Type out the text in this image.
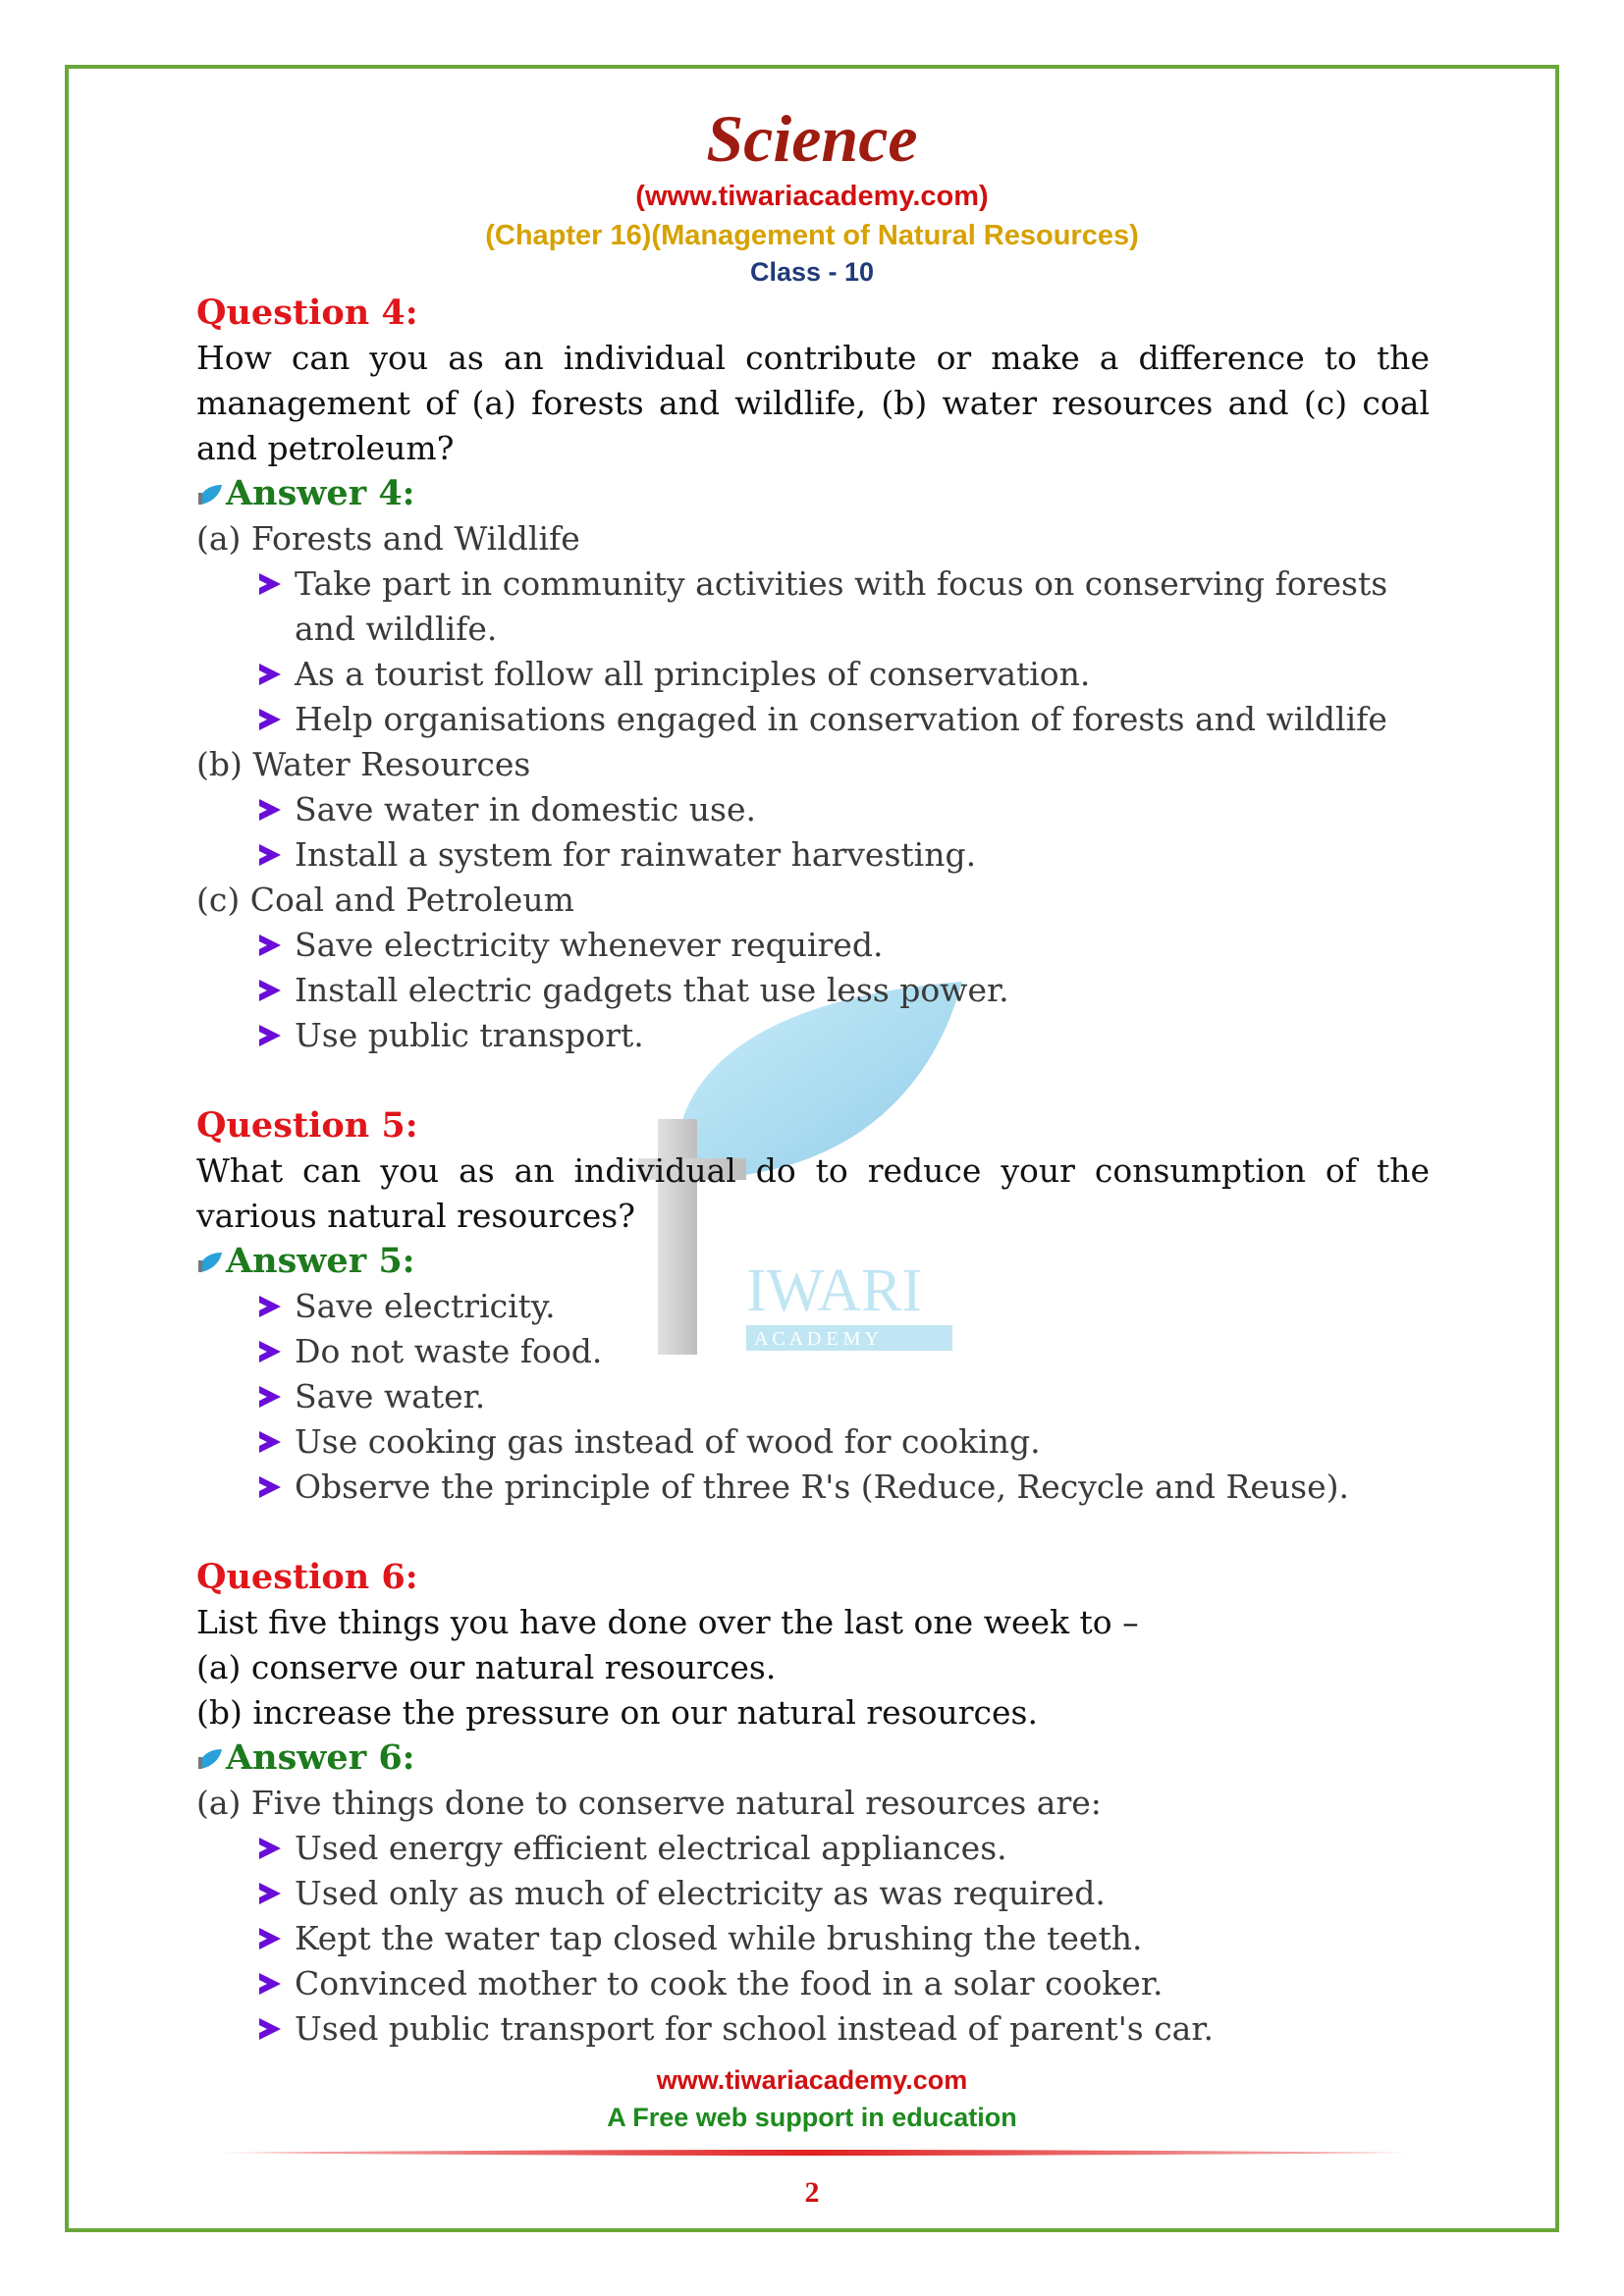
Science
(www.tiwariacademy.com)
(Chapter 16)(Management of Natural Resources)
Class - 10
IWARI
A C A D E M Y
Question 4:
How can you as an individual contribute or make a difference to the management of (a) forests and wildlife, (b) water resources and (c) coal and petroleum?
Answer 4:
(a) Forests and Wildlife
Take part in community activities with focus on conserving forests and wildlife.
As a tourist follow all principles of conservation.
Help organisations engaged in conservation of forests and wildlife
(b) Water Resources
Save water in domestic use.
Install a system for rainwater harvesting.
(c) Coal and Petroleum
Save electricity whenever required.
Install electric gadgets that use less power.
Use public transport.
Question 5:
What can you as an individual do to reduce your consumption of the various natural resources?
Answer 5:
Save electricity.
Do not waste food.
Save water.
Use cooking gas instead of wood for cooking.
Observe the principle of three R's (Reduce, Recycle and Reuse).
Question 6:
List five things you have done over the last one week to –
(a) conserve our natural resources.
(b) increase the pressure on our natural resources.
Answer 6:
(a) Five things done to conserve natural resources are:
Used energy efficient electrical appliances.
Used only as much of electricity as was required.
Kept the water tap closed while brushing the teeth.
Convinced mother to cook the food in a solar cooker.
Used public transport for school instead of parent's car.
www.tiwariacademy.com
A Free web support in education
2
